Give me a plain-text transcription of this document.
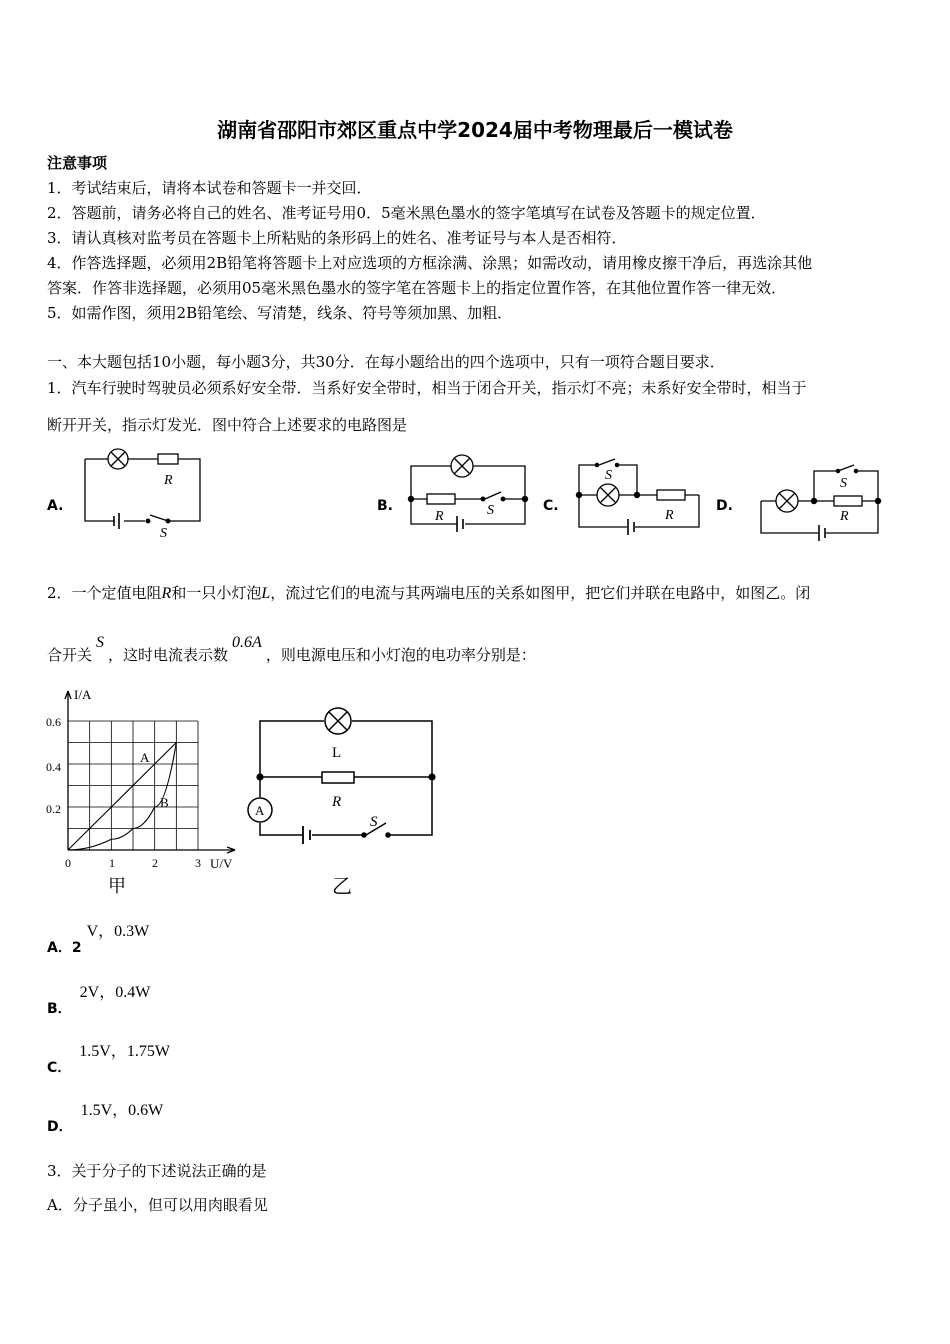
湖南省邵阳市郊区重点中学2024届中考物理最后一模试卷
注意事项
1．考试结束后，请将本试卷和答题卡一并交回．
2．答题前，请务必将自己的姓名、准考证号用0．5毫米黑色墨水的签字笔填写在试卷及答题卡的规定位置．
3．请认真核对监考员在答题卡上所粘贴的条形码上的姓名、准考证号与本人是否相符．
4．作答选择题，必须用2B铅笔将答题卡上对应选项的方框涂满、涂黑；如需改动，请用橡皮擦干净后，再选涂其他
答案．作答非选择题，必须用05毫米黑色墨水的签字笔在答题卡上的指定位置作答，在其他位置作答一律无效．
5．如需作图，须用2B铅笔绘、写清楚，线条、符号等须加黑、加粗．
一、本大题包括10小题，每小题3分，共30分．在每小题给出的四个选项中，只有一项符合题目要求．
1．汽车行驶时驾驶员必须系好安全带．当系好安全带时，相当于闭合开关，指示灯不亮；未系好安全带时，相当于
断开开关，指示灯发光．图中符合上述要求的电路图是
A.	B.	C.	D.
R
S
R	S
S
R
S
R
2．一个定值电阻R和一只小灯泡L，流过它们的电流与其两端电压的关系如图甲，把它们并联在电路中，如图乙。闭
合开关S，这时电流表示数0.6A，则电源电压和小灯泡的电功率分别是：
I/A
U/V
0.6
0.4
0.2
0	1	2	3
A
B
甲
L
R
A
S
乙
A．2V，0.3W
B．2V，0.4W
C．1.5V，1.75W
D．1.5V，0.6W
3．关于分子的下述说法正确的是
A．分子虽小，但可以用肉眼看见
